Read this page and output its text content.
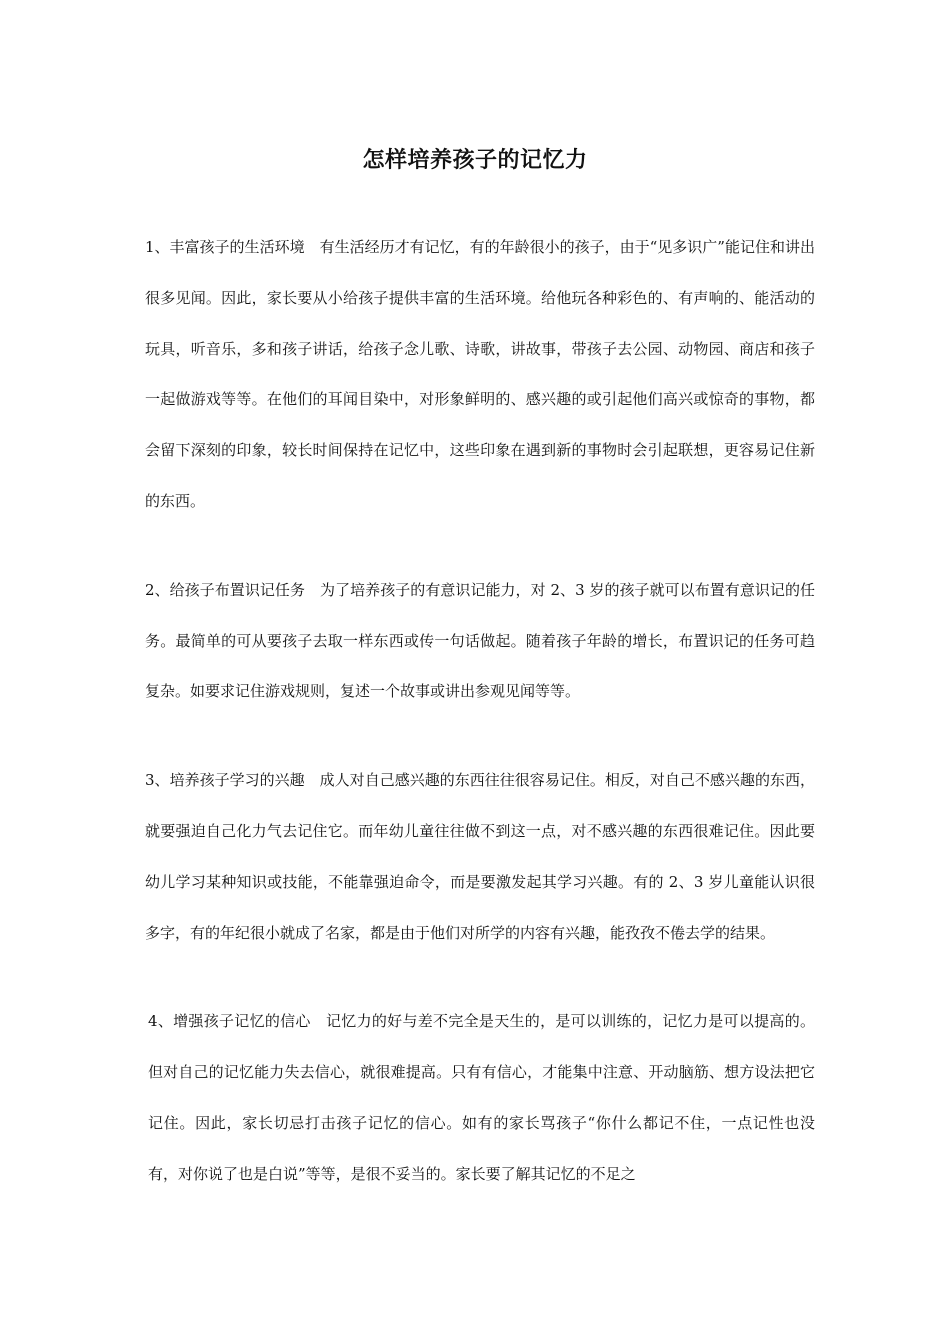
怎样培养孩子的记忆力

1、丰富孩子的生活环境　有生活经历才有记忆，有的年龄很小的孩子，由于“见多识广”能记住和讲出很多见闻。因此，家长要从小给孩子提供丰富的生活环境。给他玩各种彩色的、有声响的、能活动的玩具，听音乐，多和孩子讲话，给孩子念儿歌、诗歌，讲故事，带孩子去公园、动物园、商店和孩子一起做游戏等等。在他们的耳闻目染中，对形象鲜明的、感兴趣的或引起他们高兴或惊奇的事物，都会留下深刻的印象，较长时间保持在记忆中，这些印象在遇到新的事物时会引起联想，更容易记住新的东西。

2、给孩子布置识记任务　为了培养孩子的有意识记能力，对 2、3 岁的孩子就可以布置有意识记的任务。最简单的可从要孩子去取一样东西或传一句话做起。随着孩子年龄的增长，布置识记的任务可趋复杂。如要求记住游戏规则，复述一个故事或讲出参观见闻等等。

3、培养孩子学习的兴趣　成人对自己感兴趣的东西往往很容易记住。相反，对自己不感兴趣的东西，就要强迫自己化力气去记住它。而年幼儿童往往做不到这一点，对不感兴趣的东西很难记住。因此要幼儿学习某种知识或技能，不能靠强迫命令，而是要激发起其学习兴趣。有的 2、3 岁儿童能认识很多字，有的年纪很小就成了名家，都是由于他们对所学的内容有兴趣，能孜孜不倦去学的结果。

4、增强孩子记忆的信心　记忆力的好与差不完全是天生的，是可以训练的，记忆力是可以提高的。但对自己的记忆能力失去信心，就很难提高。只有有信心，才能集中注意、开动脑筋、想方设法把它记住。因此，家长切忌打击孩子记忆的信心。如有的家长骂孩子“你什么都记不住，一点记性也没有，对你说了也是白说”等等，是很不妥当的。家长要了解其记忆的不足之
